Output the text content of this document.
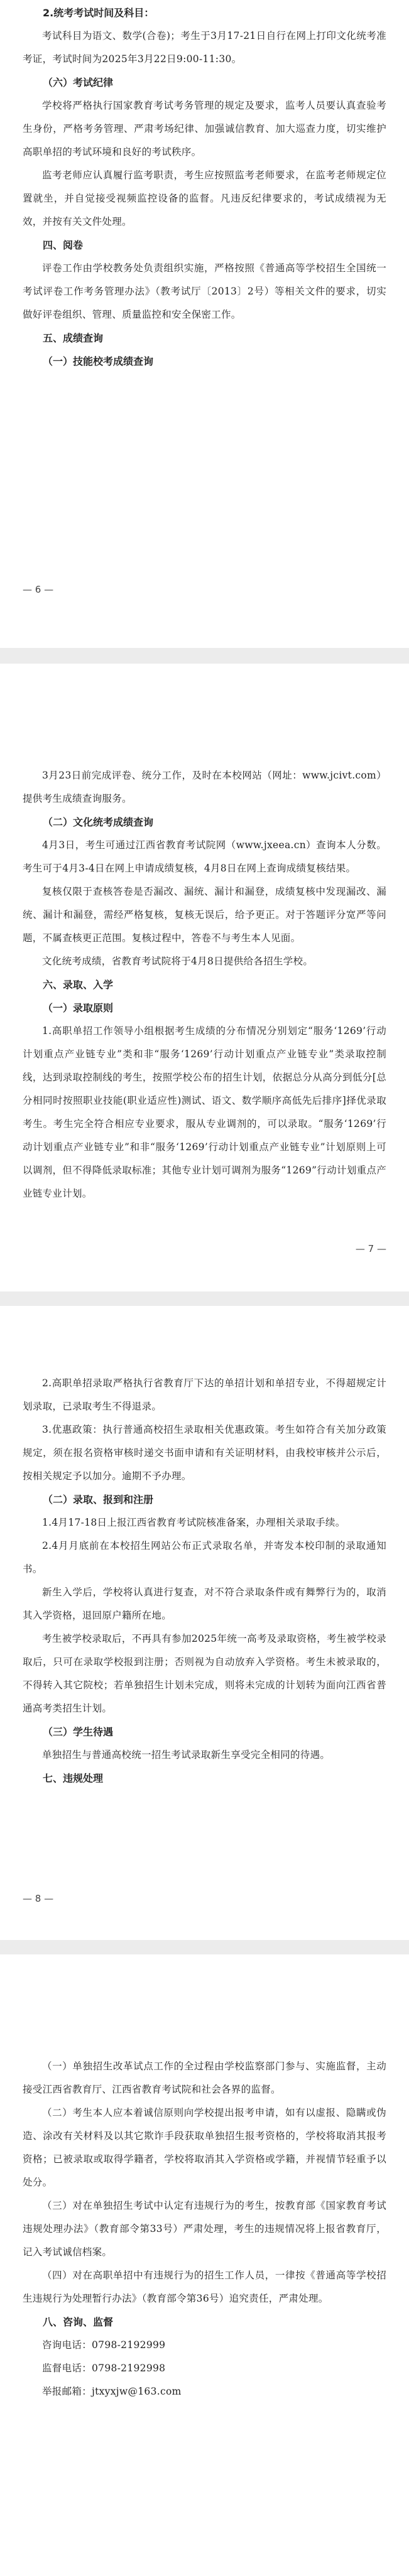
2.统考考试时间及科目：

考试科目为语文、数学(合卷)；考生于3月17-21日自行在网上打印文化统考准考证，考试时间为2025年3月22日9:00-11:30。

（六）考试纪律

学校将严格执行国家教育考试考务管理的规定及要求，监考人员要认真查验考生身份，严格考务管理、严肃考场纪律、加强诚信教育、加大巡查力度，切实维护高职单招的考试环境和良好的考试秩序。

监考老师应认真履行监考职责，考生应按照监考老师要求，在监考老师规定位置就坐，并自觉接受视频监控设备的监督。凡违反纪律要求的，考试成绩视为无效，并按有关文件处理。

四、阅卷

评卷工作由学校教务处负责组织实施，严格按照《普通高等学校招生全国统一考试评卷工作考务管理办法》（教考试厅〔2013〕2号）等相关文件的要求，切实做好评卷组织、管理、质量监控和安全保密工作。

五、成绩查询

（一）技能校考成绩查询

— 6 —

3月23日前完成评卷、统分工作，及时在本校网站（网址：www.jcivt.com）提供考生成绩查询服务。

（二）文化统考成绩查询

4月3日，考生可通过江西省教育考试院网（www.jxeea.cn）查询本人分数。考生可于4月3-4日在网上申请成绩复核，4月8日在网上查询成绩复核结果。

复核仅限于查核答卷是否漏改、漏统、漏计和漏登，成绩复核中发现漏改、漏统、漏计和漏登，需经严格复核，复核无误后，给予更正。对于答题评分宽严等问题，不属查核更正范围。复核过程中，答卷不与考生本人见面。

文化统考成绩，省教育考试院将于4月8日提供给各招生学校。

六、录取、入学

（一）录取原则

1.高职单招工作领导小组根据考生成绩的分布情况分别划定“服务‘1269’行动计划重点产业链专业”类和非“服务‘1269’行动计划重点产业链专业”类录取控制线，达到录取控制线的考生，按照学校公布的招生计划，依据总分从高分到低分[总分相同时按照职业技能(职业适应性)测试、语文、数学顺序高低先后排序]择优录取考生。考生完全符合相应专业要求，服从专业调剂的，可以录取。“服务‘1269’行动计划重点产业链专业”和非“服务‘1269’行动计划重点产业链专业”计划原则上可以调剂，但不得降低录取标准；其他专业计划可调剂为服务“1269”行动计划重点产业链专业计划。

— 7 —

2.高职单招录取严格执行省教育厅下达的单招计划和单招专业，不得超规定计划录取，已录取考生不得退录。

3.优惠政策：执行普通高校招生录取相关优惠政策。考生如符合有关加分政策规定，须在报名资格审核时递交书面申请和有关证明材料，由我校审核并公示后，按相关规定予以加分。逾期不予办理。

（二）录取、报到和注册

1.4月17-18日上报江西省教育考试院核准备案，办理相关录取手续。

2.4月月底前在本校招生网站公布正式录取名单，并寄发本校印制的录取通知书。

新生入学后，学校将认真进行复查，对不符合录取条件或有舞弊行为的，取消其入学资格，退回原户籍所在地。

考生被学校录取后，不再具有参加2025年统一高考及录取资格，考生被学校录取后，只可在录取学校报到注册；否则视为自动放弃入学资格。考生未被录取的，不得转入其它院校；若单独招生计划未完成，则将未完成的计划转为面向江西省普通高考类招生计划。

（三）学生待遇

单独招生与普通高校统一招生考试录取新生享受完全相同的待遇。

七、违规处理

— 8 —

（一）单独招生改革试点工作的全过程由学校监察部门参与、实施监督，主动接受江西省教育厅、江西省教育考试院和社会各界的监督。

（二）考生本人应本着诚信原则向学校提出报考申请，如有以虚报、隐瞒或伪造、涂改有关材料及以其它欺诈手段获取单独招生报考资格的，学校将取消其报考资格；已被录取或取得学籍者，学校将取消其入学资格或学籍，并视情节轻重予以处分。

（三）对在单独招生考试中认定有违规行为的考生，按教育部《国家教育考试违规处理办法》（教育部令第33号）严肃处理，考生的违规情况将上报省教育厅，记入考试诚信档案。

（四）对在高职单招中有违规行为的招生工作人员，一律按《普通高等学校招生违规行为处理暂行办法》（教育部令第36号）追究责任，严肃处理。

八、咨询、监督

咨询电话：0798-2192999

监督电话：0798-2192998

举报邮箱：jtxyxjw@163.com
